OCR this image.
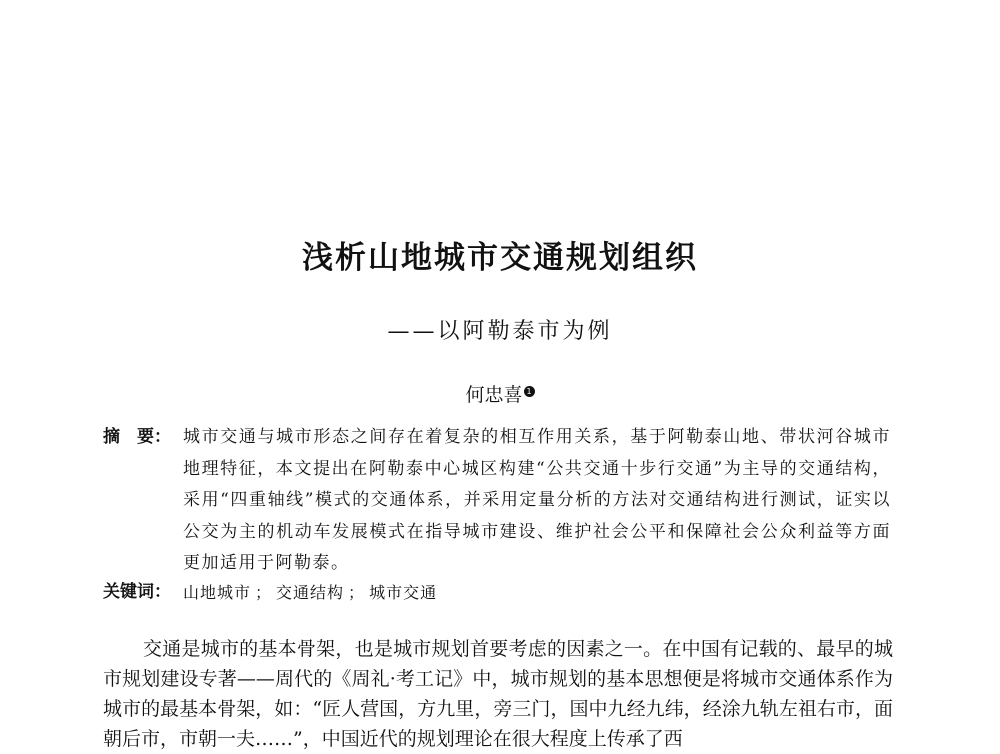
浅析山地城市交通规划组织
——以阿勒泰市为例
何忠喜 1
摘　要： 城市交通与城市形态之间存在着复杂的相互作用关系，基于阿勒泰山地、带状河谷城市地理特征，本文提出在阿勒泰中心城区构建“公共交通十步行交通”为主导的交通结构，采用“四重轴线”模式的交通体系，并采用定量分析的方法对交通结构进行测试，证实以公交为主的机动车发展模式在指导城市建设、维护社会公平和保障社会公众利益等方面更加适用于阿勒泰。
关键词： 山地城市 ； 交通结构 ； 城市交通
交通是城市的基本骨架，也是城市规划首要考虑的因素之一。在中国有记载的、最早的城市规划建设专著——周代的《周礼·考工记》中，城市规划的基本思想便是将城市交通体系作为城市的最基本骨架，如：“匠人营国，方九里，旁三门，国中九经九纬，经涂九轨左祖右市，面朝后市，市朝一夫……”，中国近代的规划理论在很大程度上传承了西
